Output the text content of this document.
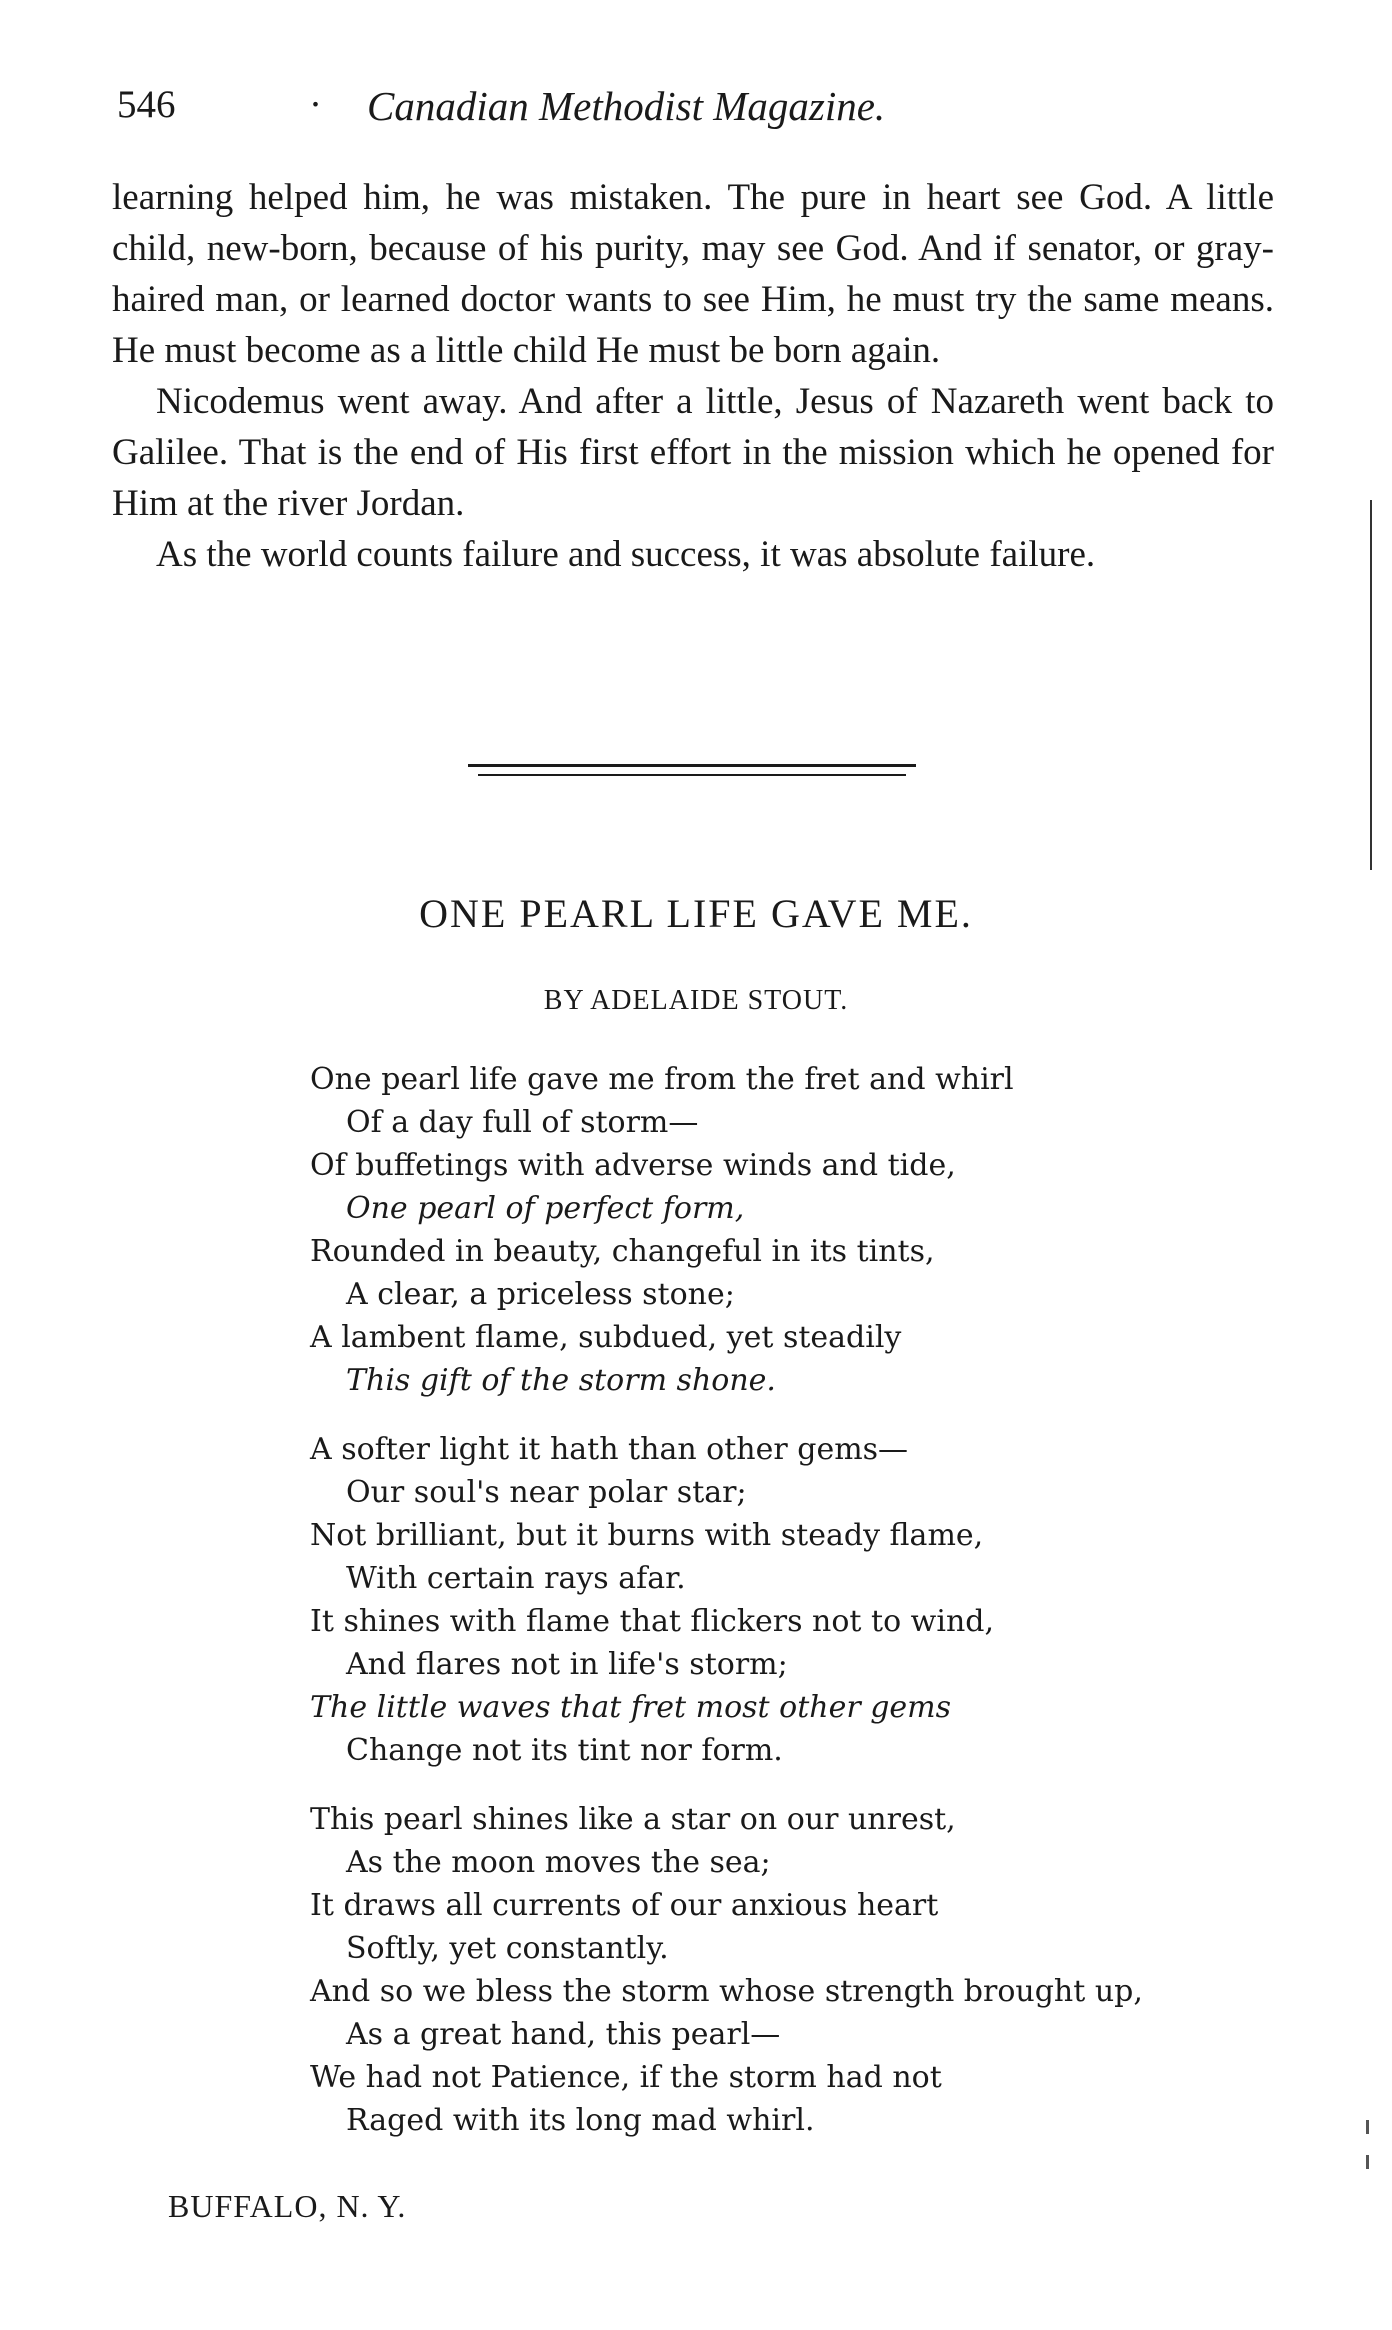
546	· Canadian Methodist Magazine.

learning helped him, he was mistaken. The pure in heart see God. A little child, new-born, because of his purity, may see God. And if senator, or gray-haired man, or learned doctor wants to see Him, he must try the same means. He must become as a little child He must be born again.

Nicodemus went away. And after a little, Jesus of Nazareth went back to Galilee. That is the end of His first effort in the mission which he opened for Him at the river Jordan.

As the world counts failure and success, it was absolute failure.

ONE PEARL LIFE GAVE ME.
BY ADELAIDE STOUT.
One pearl life gave me from the fret and whirl
Of a day full of storm—
Of buffetings with adverse winds and tide,
One pearl of perfect form,
Rounded in beauty, changeful in its tints,
A clear, a priceless stone;
A lambent flame, subdued, yet steadily
This gift of the storm shone.
A softer light it hath than other gems—
Our soul's near polar star;
Not brilliant, but it burns with steady flame,
With certain rays afar.
It shines with flame that flickers not to wind,
And flares not in life's storm;
The little waves that fret most other gems
Change not its tint nor form.
This pearl shines like a star on our unrest,
As the moon moves the sea;
It draws all currents of our anxious heart
Softly, yet constantly.
And so we bless the storm whose strength brought up,
As a great hand, this pearl—
We had not Patience, if the storm had not
Raged with its long mad whirl.
BUFFALO, N. Y.
